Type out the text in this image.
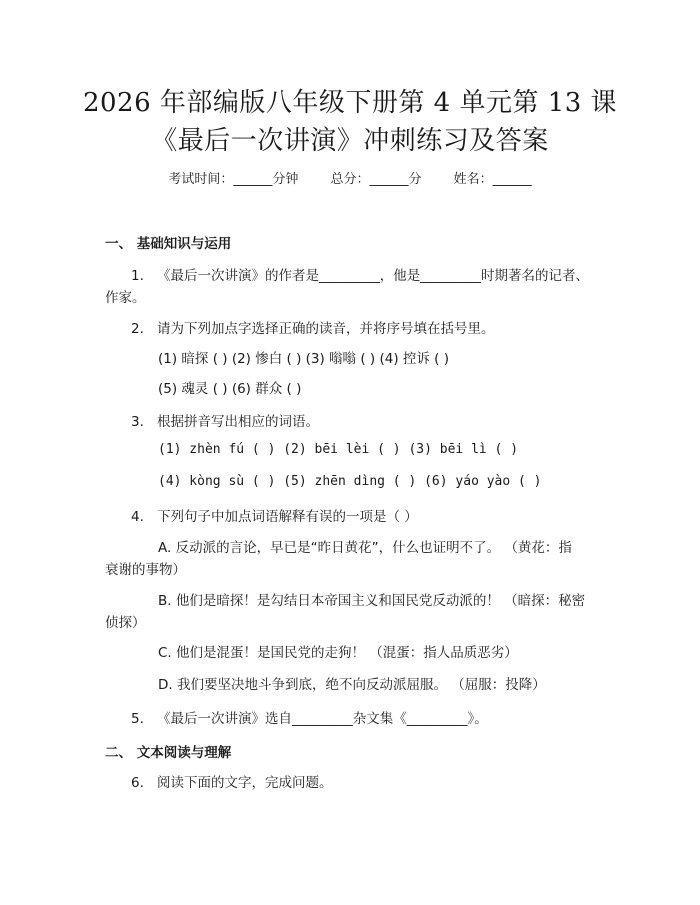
2026 年部编版八年级下册第 4 单元第 13 课
《最后一次讲演》冲刺练习及答案
考试时间：______分钟 总分：______分 姓名：______
一、 基础知识与运用
1. 《最后一次讲演》的作者是_________，他是_________时期著名的记者、
作家。
2. 请为下列加点字选择正确的读音，并将序号填在括号里。
(1) 暗探 ( ) (2) 惨白 ( ) (3) 嗡嗡 ( ) (4) 控诉 ( )
(5) 魂灵 ( ) (6) 群众 ( )
3. 根据拼音写出相应的词语。
(1) zhèn fú ( ) (2) bēi lèi ( ) (3) bēi lì ( )
(4) kòng sù ( ) (5) zhēn dìng ( ) (6) yáo yào ( )
4. 下列句子中加点词语解释有误的一项是（ ）
A. 反动派的言论，早已是“昨日黄花”，什么也证明不了。 （黄花：指
衰谢的事物）
B. 他们是暗探！是勾结日本帝国主义和国民党反动派的！ （暗探：秘密
侦探）
C. 他们是混蛋！是国民党的走狗！ （混蛋：指人品质恶劣）
D. 我们要坚决地斗争到底，绝不向反动派屈服。 （屈服：投降）
5. 《最后一次讲演》选自_________杂文集《_________》。
二、 文本阅读与理解
6. 阅读下面的文字，完成问题。
